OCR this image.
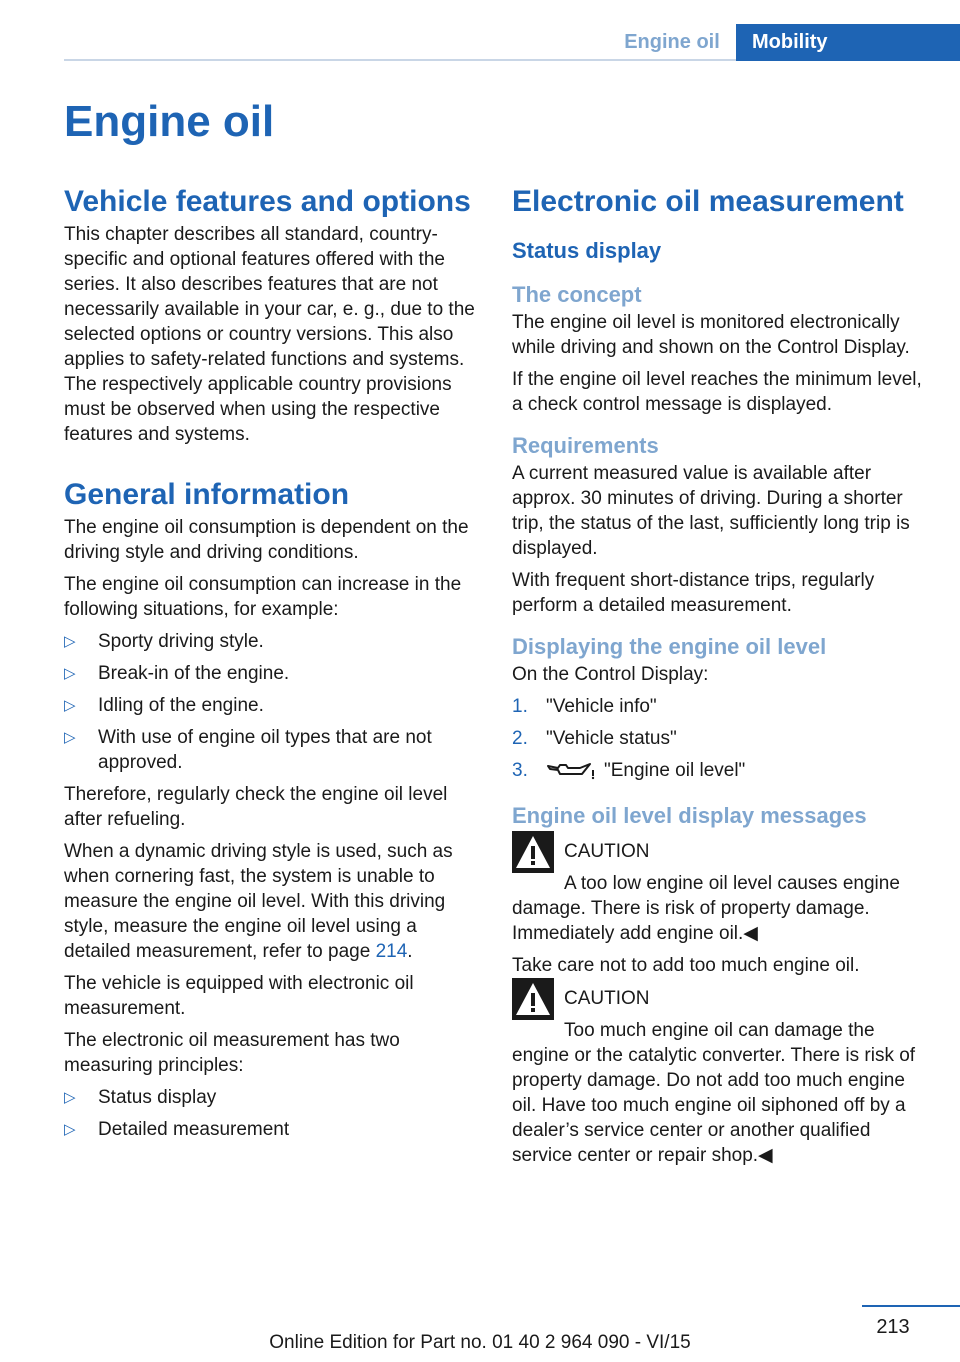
Engine oil	Mobility
Engine oil
Vehicle features and options

This chapter describes all standard, country-specific and optional features offered with the series. It also describes features that are not necessarily available in your car, e. g., due to the selected options or country versions. This also applies to safety-related functions and systems. The respectively applicable country provisions must be observed when using the respective features and systems.

General information

The engine oil consumption is dependent on the driving style and driving conditions.

The engine oil consumption can increase in the following situations, for example:

▷ Sporty driving style.
▷ Break-in of the engine.
▷ Idling of the engine.
▷ With use of engine oil types that are not approved.

Therefore, regularly check the engine oil level after refueling.

When a dynamic driving style is used, such as when cornering fast, the system is unable to measure the engine oil level. With this driving style, measure the engine oil level using a detailed measurement, refer to page 214.

The vehicle is equipped with electronic oil measurement.

The electronic oil measurement has two measuring principles:

▷ Status display
▷ Detailed measurement
Electronic oil measurement
Status display
The concept

The engine oil level is monitored electronically while driving and shown on the Control Display.

If the engine oil level reaches the minimum level, a check control message is displayed.

Requirements

A current measured value is available after approx. 30 minutes of driving. During a shorter trip, the status of the last, sufficiently long trip is displayed.

With frequent short-distance trips, regularly perform a detailed measurement.

Displaying the engine oil level

On the Control Display:

1. "Vehicle info"
2. "Vehicle status"
3.	"Engine oil level"
Engine oil level display messages
CAUTION
A too low engine oil level causes engine damage. There is risk of property damage. Immediately add engine oil.◀

Take care not to add too much engine oil.

CAUTION
Too much engine oil can damage the engine or the catalytic converter. There is risk of property damage. Do not add too much engine oil. Have too much engine oil siphoned off by a dealer’s service center or another qualified service center or repair shop.◀
213
Online Edition for Part no. 01 40 2 964 090 - VI/15
